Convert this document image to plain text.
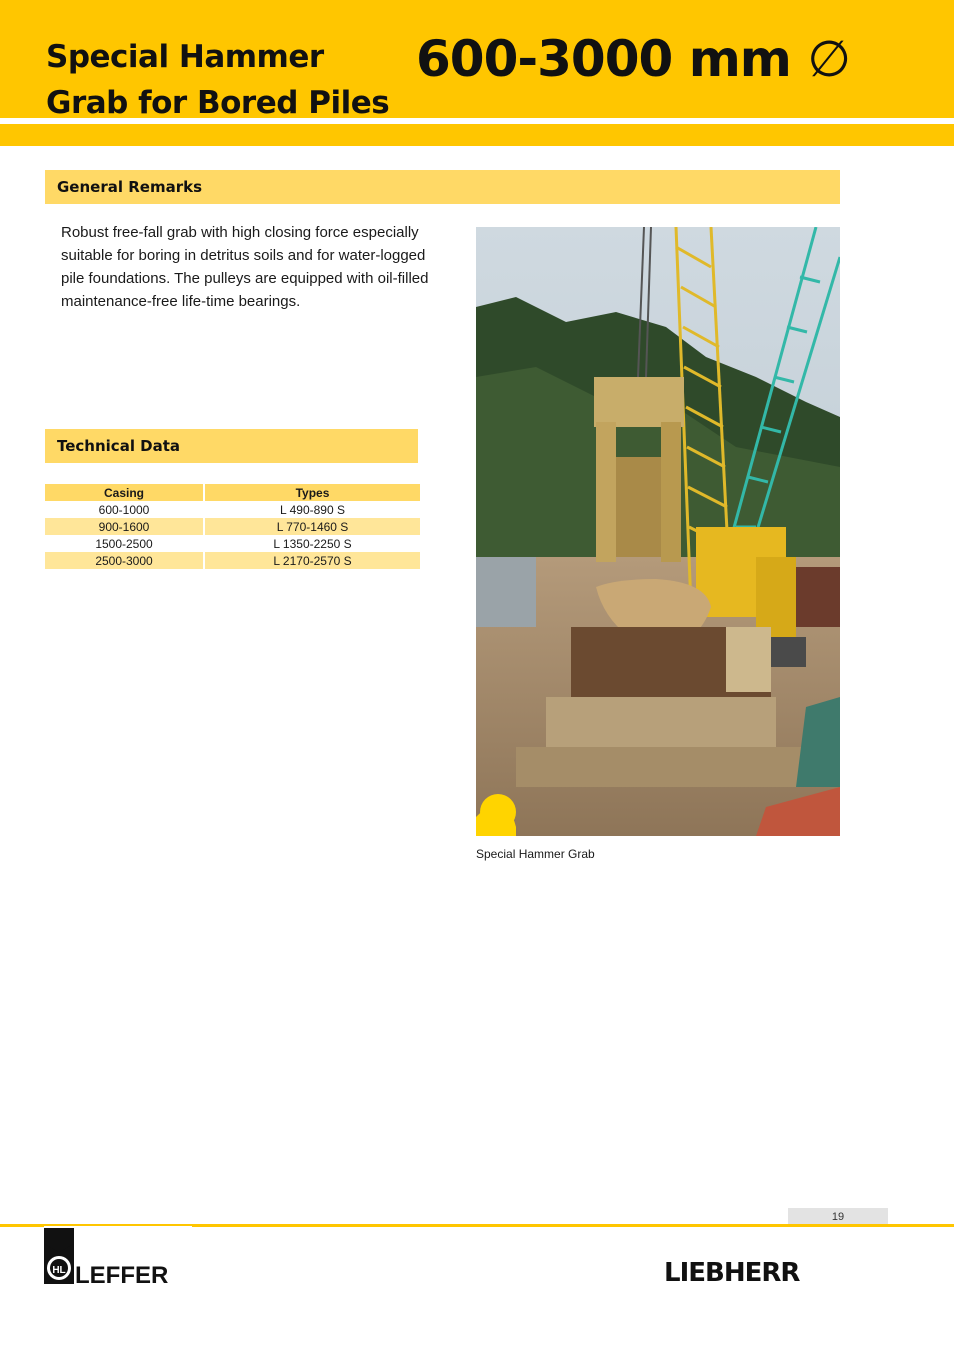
Special Hammer
Grab for Bored Piles
600-3000 mm ∅
General Remarks
Robust free-fall grab with high closing force especially suitable for boring in detritus soils and for water-logged pile foundations. The pulleys are equipped with oil-filled maintenance-free life-time bearings.
Technical Data
Casing	Types
600-1000	L 490-890 S
900-1600	L 770-1460 S
1500-2500	L 1350-2250 S
2500-3000	L 2170-2570 S
Special Hammer Grab
19
HL LEFFER	LIEBHERR
